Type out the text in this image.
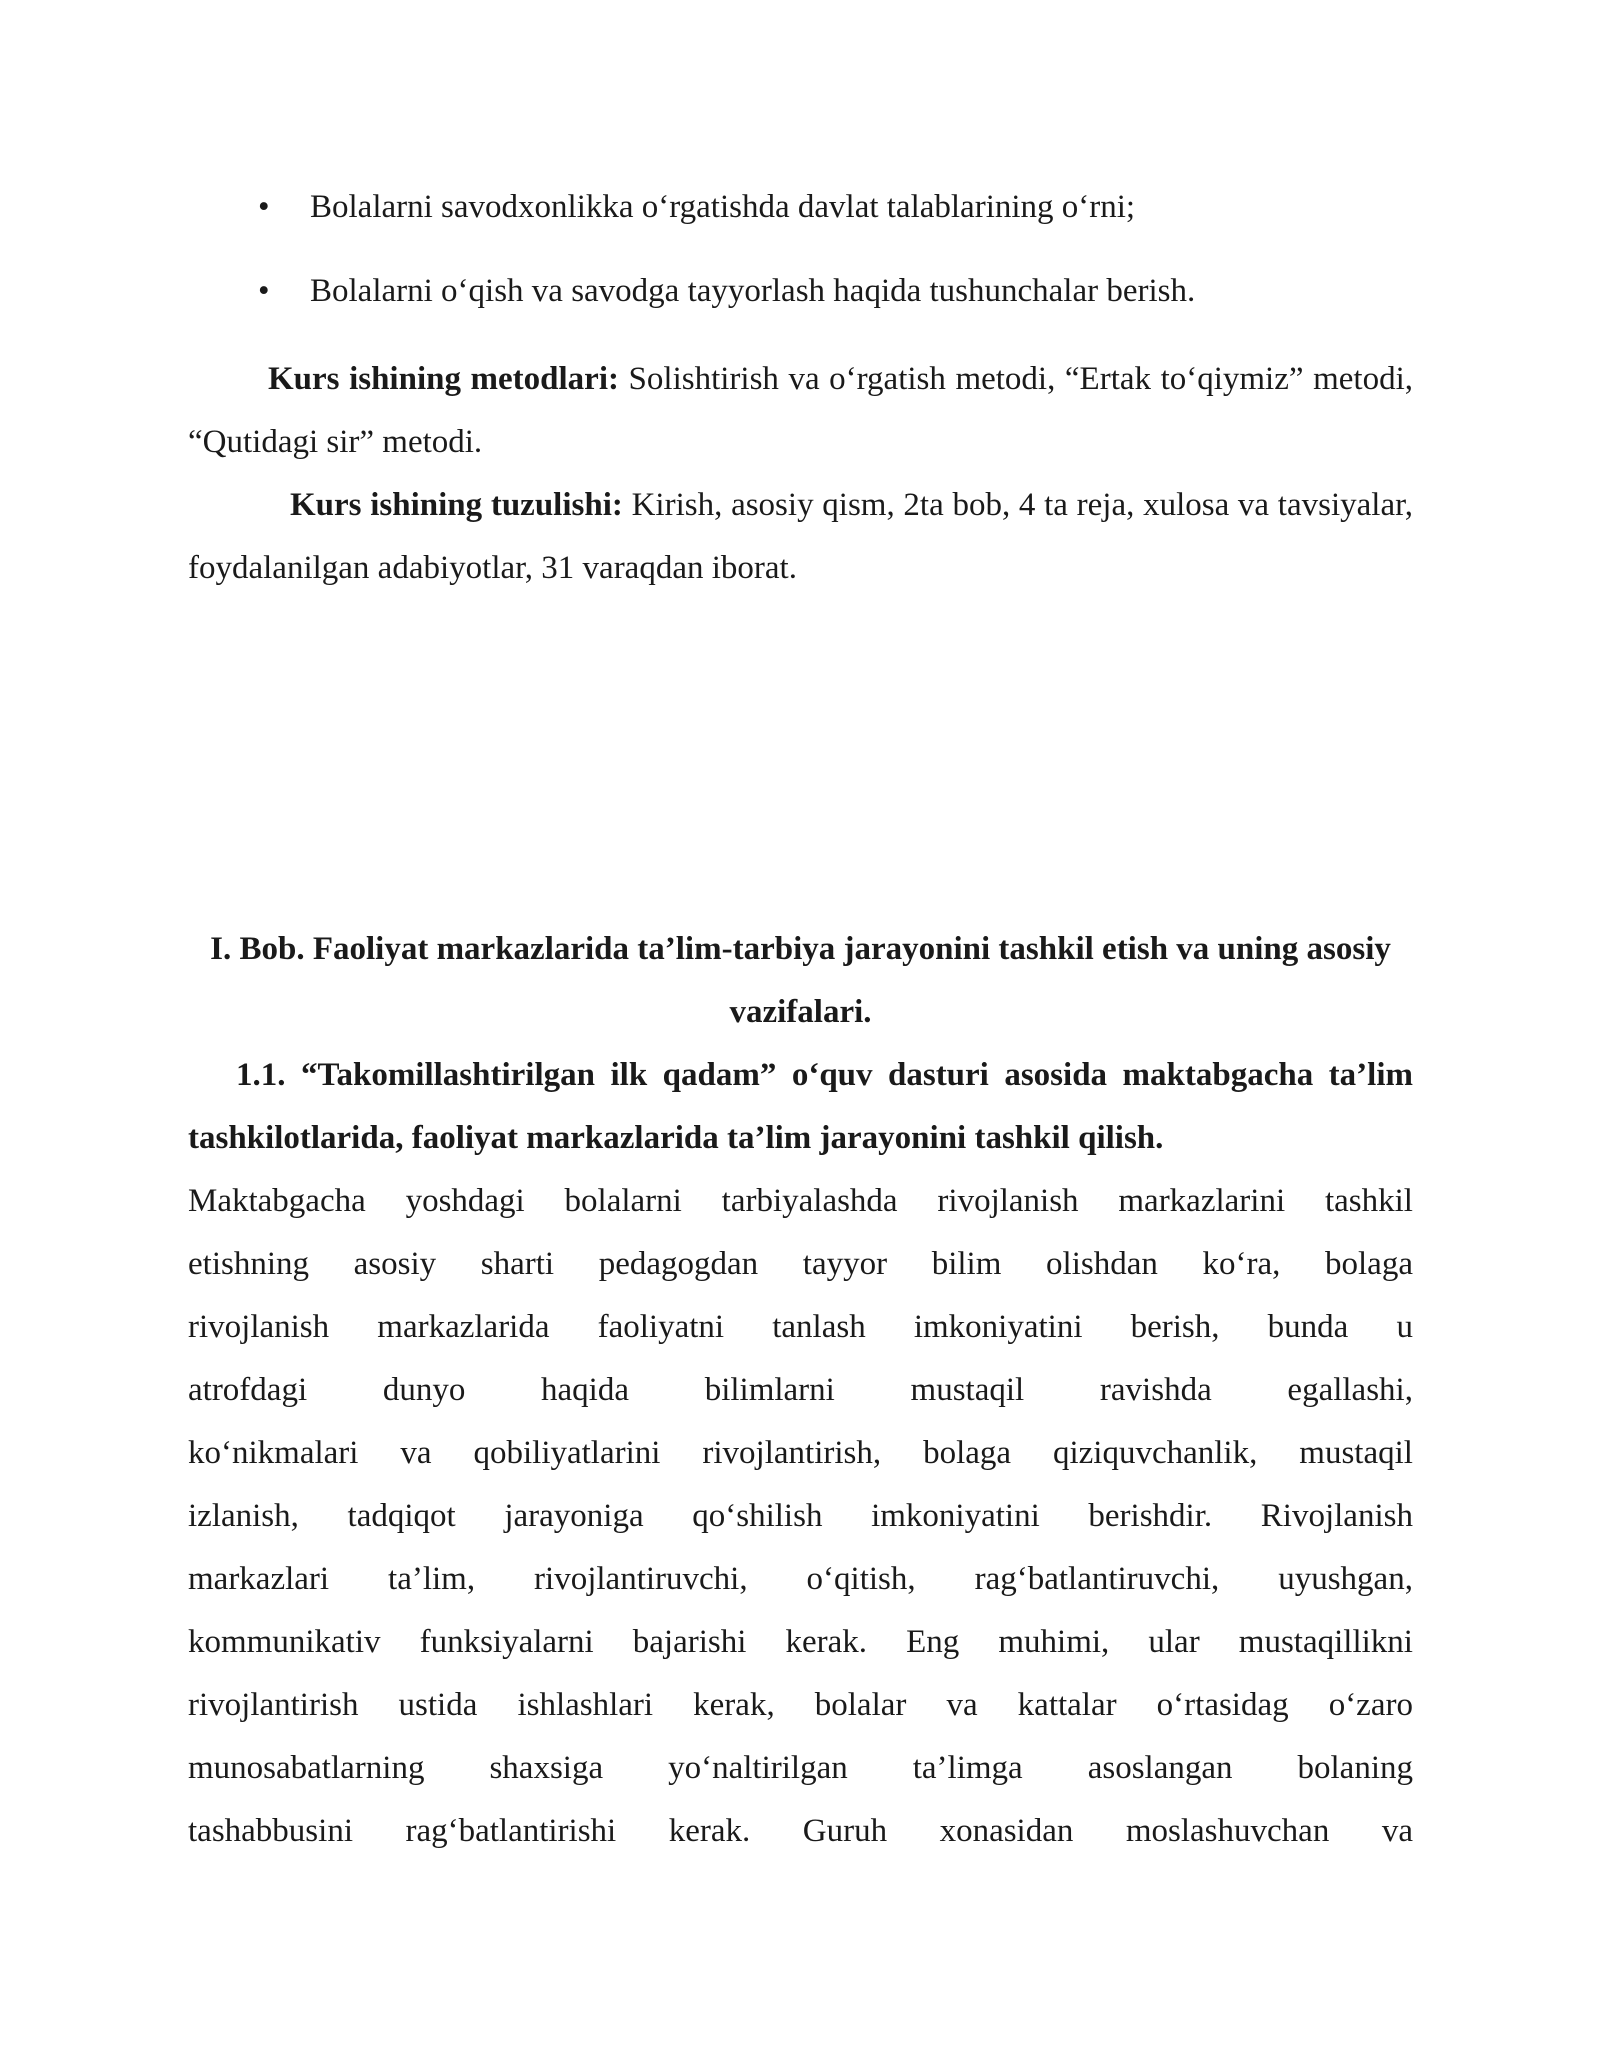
• Bolalarni savodxonlikka o‘rgatishda davlat talablarining o‘rni;
• Bolalarni o‘qish va savodga tayyorlash haqida tushunchalar berish.

Kurs ishining metodlari: Solishtirish va o‘rgatish metodi, “Ertak to‘qiymiz” metodi, “Qutidagi sir” metodi.

Kurs ishining tuzulishi: Kirish, asosiy qism, 2ta bob, 4 ta reja, xulosa va tavsiyalar, foydalanilgan adabiyotlar, 31 varaqdan iborat.

I. Bob. Faoliyat markazlarida ta’lim-tarbiya jarayonini tashkil etish va uning asosiy vazifalari.
1.1. “Takomillashtirilgan ilk qadam” o‘quv dasturi asosida maktabgacha ta’lim tashkilotlarida, faoliyat markazlarida ta’lim jarayonini tashkil qilish.
Maktabgacha yoshdagi bolalarni tarbiyalashda rivojlanish markazlarini tashkil
etishning asosiy sharti pedagogdan tayyor bilim olishdan ko‘ra, bolaga
rivojlanish markazlarida faoliyatni tanlash imkoniyatini berish, bunda u
atrofdagi dunyo haqida bilimlarni mustaqil ravishda egallashi,
ko‘nikmalari va qobiliyatlarini rivojlantirish, bolaga qiziquvchanlik, mustaqil
izlanish, tadqiqot jarayoniga qo‘shilish imkoniyatini berishdir. Rivojlanish
markazlari ta’lim, rivojlantiruvchi, o‘qitish, rag‘batlantiruvchi, uyushgan,
kommunikativ funksiyalarni bajarishi kerak. Eng muhimi, ular mustaqillikni
rivojlantirish ustida ishlashlari kerak, bolalar va kattalar o‘rtasidag o‘zaro
munosabatlarning shaxsiga yo‘naltirilgan ta’limga asoslangan bolaning
tashabbusini rag‘batlantirishi kerak. Guruh xonasidan moslashuvchan va
